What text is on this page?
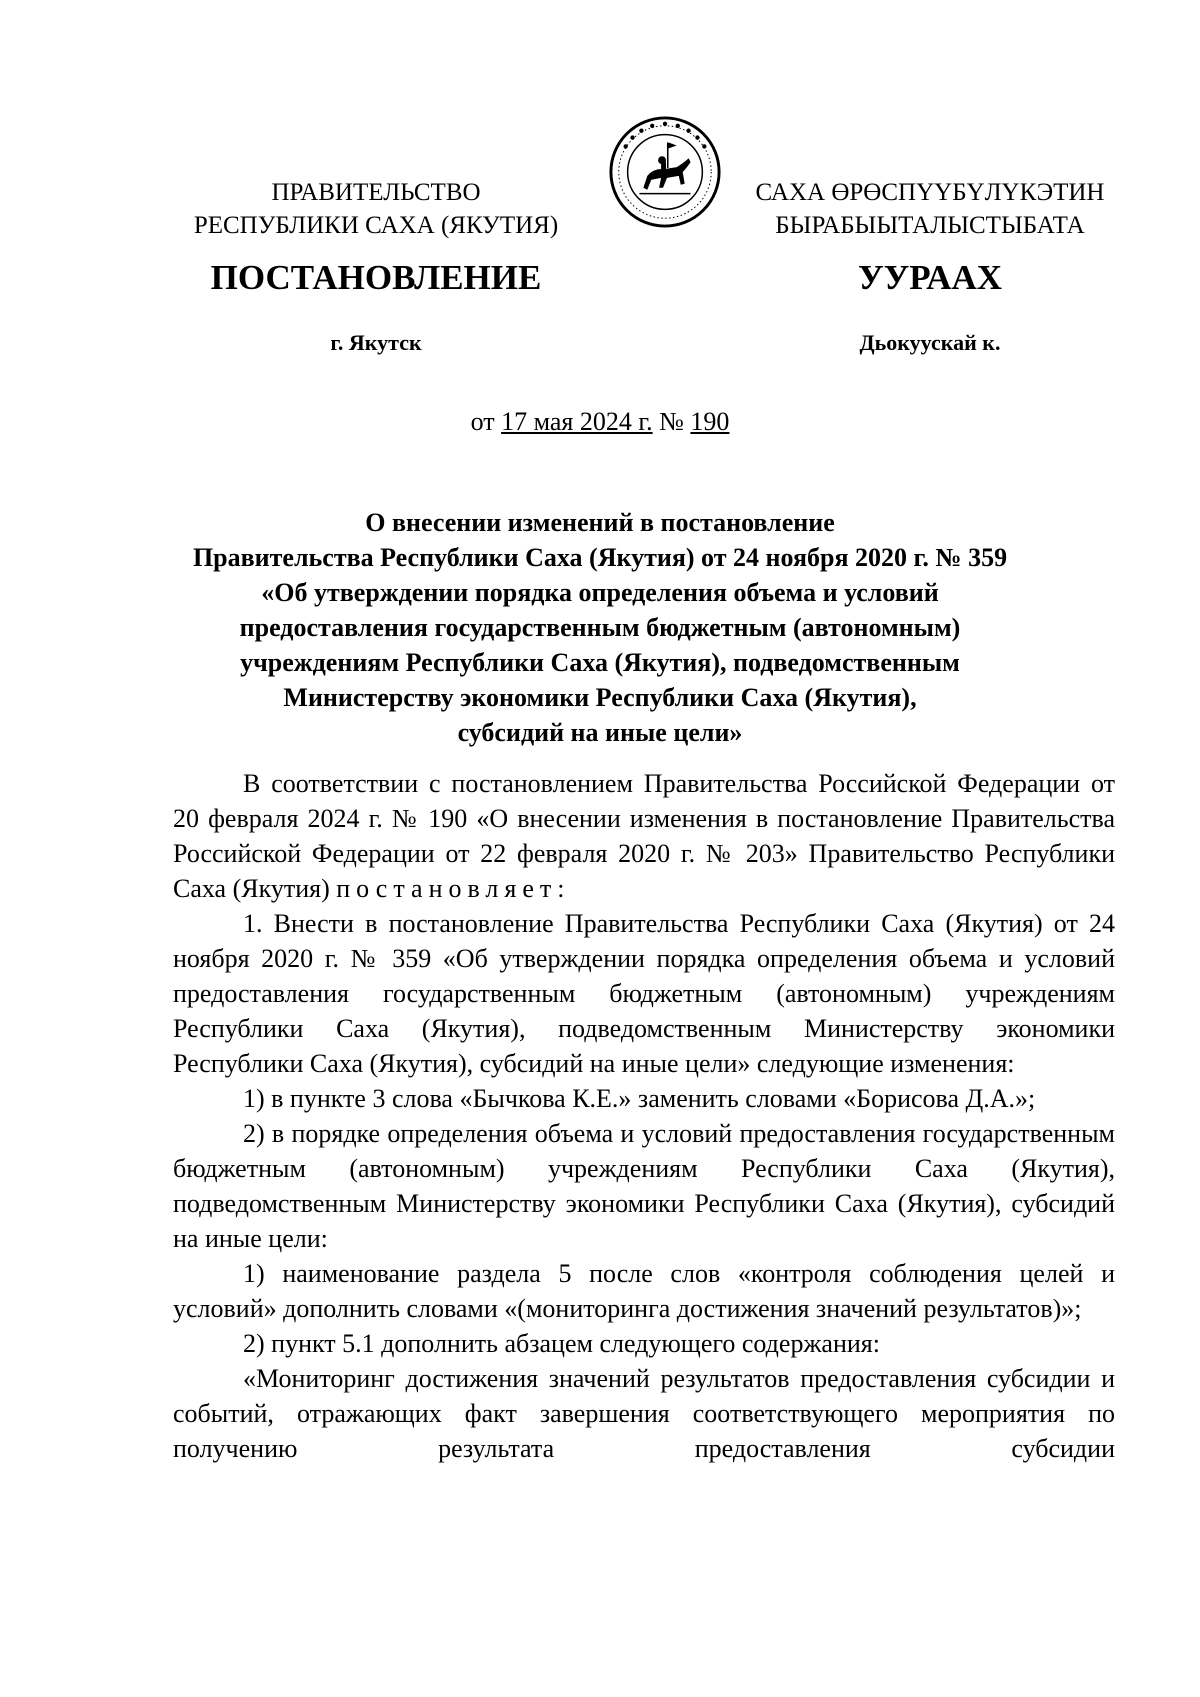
ПРАВИТЕЛЬСТВО
РЕСПУБЛИКИ САХА (ЯКУТИЯ)
САХА ӨРӨСПҮҮБҮЛҮКЭТИН
БЫРАБЫЫТАЛЫСТЫБАТА
ПОСТАНОВЛЕНИЕ	УУРААХ
г. Якутск	Дьокуускай к.
от 17 мая 2024 г. № 190
О внесении изменений в постановление
Правительства Республики Саха (Якутия) от 24 ноября 2020 г. № 359
«Об утверждении порядка определения объема и условий
предоставления государственным бюджетным (автономным)
учреждениям Республики Саха (Якутия), подведомственным
Министерству экономики Республики Саха (Якутия),
субсидий на иные цели»

В соответствии с постановлением Правительства Российской Федерации от 20 февраля 2024 г. № 190 «О внесении изменения в постановление Правительства Российской Федерации от 22 февраля 2020 г. № 203» Правительство Республики Саха (Якутия) постановляет:

1. Внести в постановление Правительства Республики Саха (Якутия) от 24 ноября 2020 г. № 359 «Об утверждении порядка определения объема и условий предоставления государственным бюджетным (автономным) учреждениям Республики Саха (Якутия), подведомственным Министерству экономики Республики Саха (Якутия), субсидий на иные цели» следующие изменения:

1) в пункте 3 слова «Бычкова К.Е.» заменить словами «Борисова Д.А.»;

2) в порядке определения объема и условий предоставления государственным бюджетным (автономным) учреждениям Республики Саха (Якутия), подведомственным Министерству экономики Республики Саха (Якутия), субсидий на иные цели:

1) наименование раздела 5 после слов «контроля соблюдения целей и условий» дополнить словами «(мониторинга достижения значений результатов)»;

2) пункт 5.1 дополнить абзацем следующего содержания:

«Мониторинг достижения значений результатов предоставления субсидии и событий, отражающих факт завершения соответствующего мероприятия по получению результата предоставления субсидии
